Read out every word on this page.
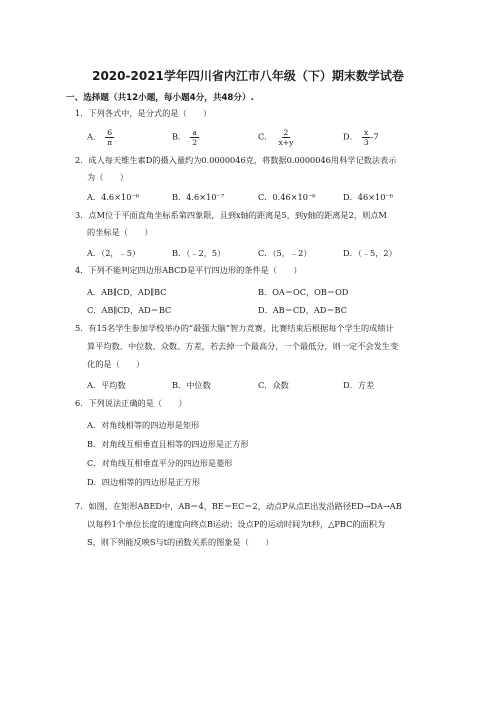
2020-2021学年四川省内江市八年级（下）期末数学试卷
一、选择题（共12小题，每小题4分，共48分）.
1．下列各式中，是分式的是（　　）
A． $\frac{6}{\pi}$	B． $\frac{a}{2}$	C． $\frac{2}{x+y}$	D． $\frac{x}{3} -7$
2．成人每天维生素D的摄入量约为0.0000046克，将数据0.0000046用科学记数法表示
为（　　）
A．4.6×10⁻⁶	B．4.6×10⁻⁷	C．0.46×10⁻⁶	D．46×10⁻⁶
3．点M位于平面直角坐标系第四象限，且到x轴的距离是5，到y轴的距离是2，则点M
的坐标是（　　）
A．（2，﹣5）	B．（﹣2，5）	C．（5，﹣2）	D．（﹣5，2）
4．下列不能判定四边形ABCD是平行四边形的条件是（　　）
A．AB∥CD，AD∥BC	B．OA＝OC，OB＝OD
C．AB∥CD，AD＝BC	D．AB＝CD，AD＝BC
5．有15名学生参加学校举办的“最强大脑”智力竞赛，比赛结束后根据每个学生的成绩计
算平均数、中位数、众数、方差，若去掉一个最高分，一个最低分，则一定不会发生变
化的是（　　）
A．平均数	B．中位数	C．众数	D．方差
6．下列说法正确的是（　　）
A．对角线相等的四边形是矩形
B．对角线互相垂直且相等的四边形是正方形
C．对角线互相垂直平分的四边形是菱形
D．四边相等的四边形是正方形
7．如图，在矩形ABED中，AB＝4，BE＝EC＝2，动点P从点E出发沿路径ED→DA→AB
以每秒1个单位长度的速度向终点B运动；设点P的运动时间为t秒，△PBC的面积为
S，则下列能反映S与t的函数关系的图象是（　　）
